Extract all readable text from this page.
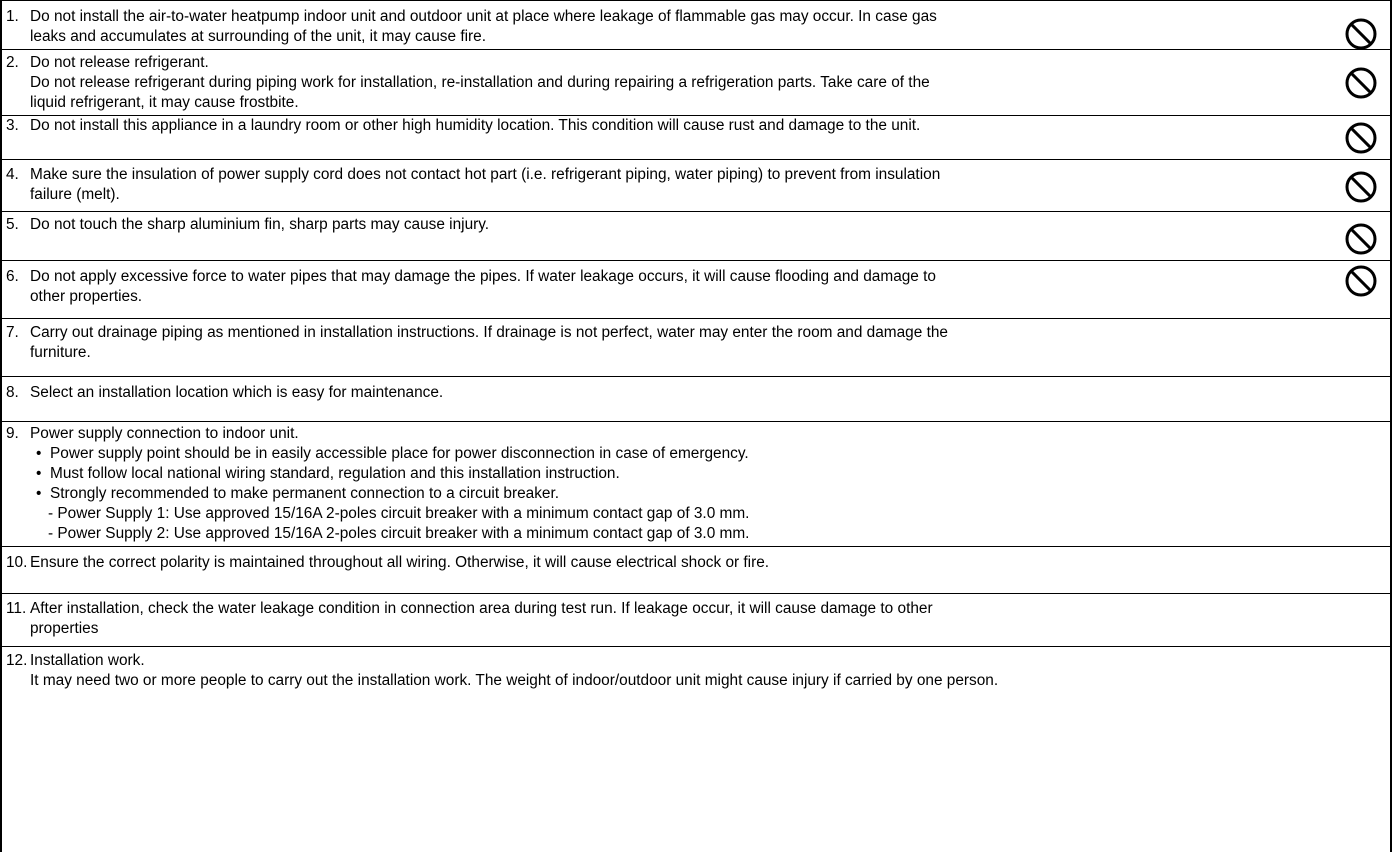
1. Do not install the air-to-water heatpump indoor unit and outdoor unit at place where leakage of flammable gas may occur. In case gas
leaks and accumulates at surrounding of the unit, it may cause fire.
2. Do not release refrigerant.
Do not release refrigerant during piping work for installation, re-installation and during repairing a refrigeration parts. Take care of the
liquid refrigerant, it may cause frostbite.
3. Do not install this appliance in a laundry room or other high humidity location. This condition will cause rust and damage to the unit.
4. Make sure the insulation of power supply cord does not contact hot part (i.e. refrigerant piping, water piping) to prevent from insulation
failure (melt).
5. Do not touch the sharp aluminium fin, sharp parts may cause injury.
6. Do not apply excessive force to water pipes that may damage the pipes. If water leakage occurs, it will cause flooding and damage to
other properties.
7. Carry out drainage piping as mentioned in installation instructions. If drainage is not perfect, water may enter the room and damage the
furniture.
8. Select an installation location which is easy for maintenance.
9. Power supply connection to indoor unit.
• Power supply point should be in easily accessible place for power disconnection in case of emergency.
• Must follow local national wiring standard, regulation and this installation instruction.
• Strongly recommended to make permanent connection to a circuit breaker.
- Power Supply 1: Use approved 15/16A 2-poles circuit breaker with a minimum contact gap of 3.0 mm.
- Power Supply 2: Use approved 15/16A 2-poles circuit breaker with a minimum contact gap of 3.0 mm.
10. Ensure the correct polarity is maintained throughout all wiring. Otherwise, it will cause electrical shock or fire.
11. After installation, check the water leakage condition in connection area during test run. If leakage occur, it will cause damage to other
properties
12. Installation work.
It may need two or more people to carry out the installation work. The weight of indoor/outdoor unit might cause injury if carried by one person.
